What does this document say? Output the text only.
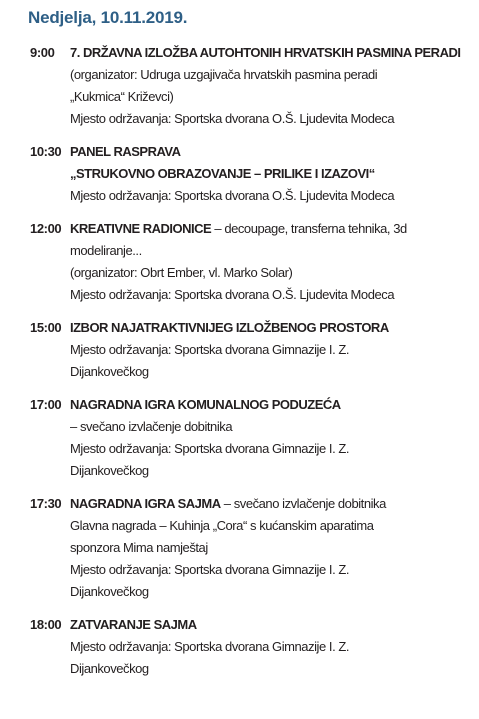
Nedjelja, 10.11.2019.
9:00	7. DRŽAVNA IZLOŽBA AUTOHTONIH HRVATSKIH PASMINA PERADI
(organizator: Udruga uzgajivača hrvatskih pasmina peradi
„Kukmica“ Križevci)
Mjesto održavanja: Sportska dvorana O.Š. Ljudevita Modeca
10:30 PANEL RASPRAVA
„STRUKOVNO OBRAZOVANJE – PRILIKE I IZAZOVI“
Mjesto održavanja: Sportska dvorana O.Š. Ljudevita Modeca
12:00 KREATIVNE RADIONICE – decoupage, transferna tehnika, 3d
modeliranje...
(organizator: Obrt Ember, vl. Marko Solar)
Mjesto održavanja: Sportska dvorana O.Š. Ljudevita Modeca
15:00 IZBOR NAJATRAKTIVNIJEG IZLOŽBENOG PROSTORA
Mjesto održavanja: Sportska dvorana Gimnazije I. Z.
Dijankovečkog
17:00 NAGRADNA IGRA KOMUNALNOG PODUZEĆA
– svečano izvlačenje dobitnika
Mjesto održavanja: Sportska dvorana Gimnazije I. Z.
Dijankovečkog
17:30 NAGRADNA IGRA SAJMA – svečano izvlačenje dobitnika
Glavna nagrada – Kuhinja „Cora“ s kućanskim aparatima
sponzora Mima namještaj
Mjesto održavanja: Sportska dvorana Gimnazije I. Z.
Dijankovečkog
18:00 ZATVARANJE SAJMA
Mjesto održavanja: Sportska dvorana Gimnazije I. Z.
Dijankovečkog
